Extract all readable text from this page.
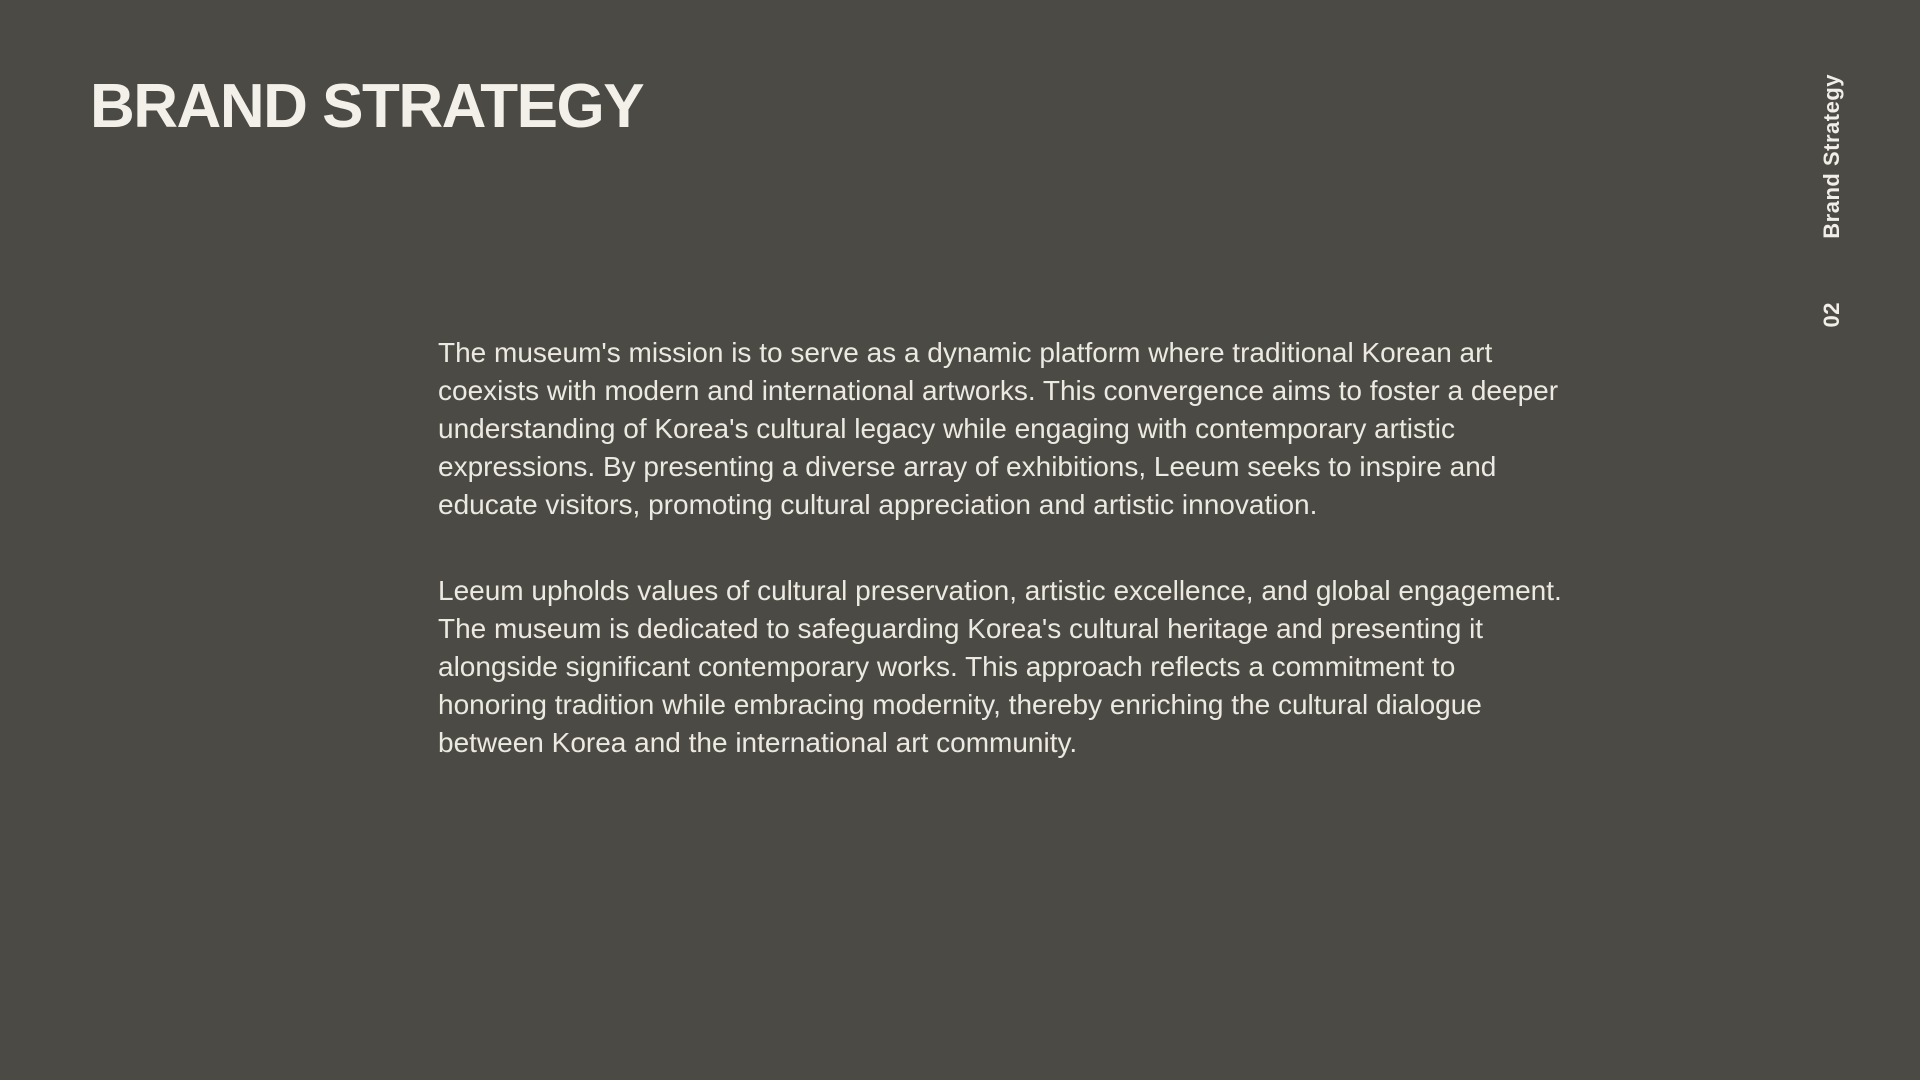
BRAND STRATEGY

The museum's mission is to serve as a dynamic platform where traditional Korean art coexists with modern and international artworks. This convergence aims to foster a deeper understanding of Korea's cultural legacy while engaging with contemporary artistic expressions. By presenting a diverse array of exhibitions, Leeum seeks to inspire and educate visitors, promoting cultural appreciation and artistic innovation.

Leeum upholds values of cultural preservation, artistic excellence, and global engagement. The museum is dedicated to safeguarding Korea's cultural heritage and presenting it alongside significant contemporary works. This approach reflects a commitment to honoring tradition while embracing modernity, thereby enriching the cultural dialogue between Korea and the international art community.

Brand Strategy
02
